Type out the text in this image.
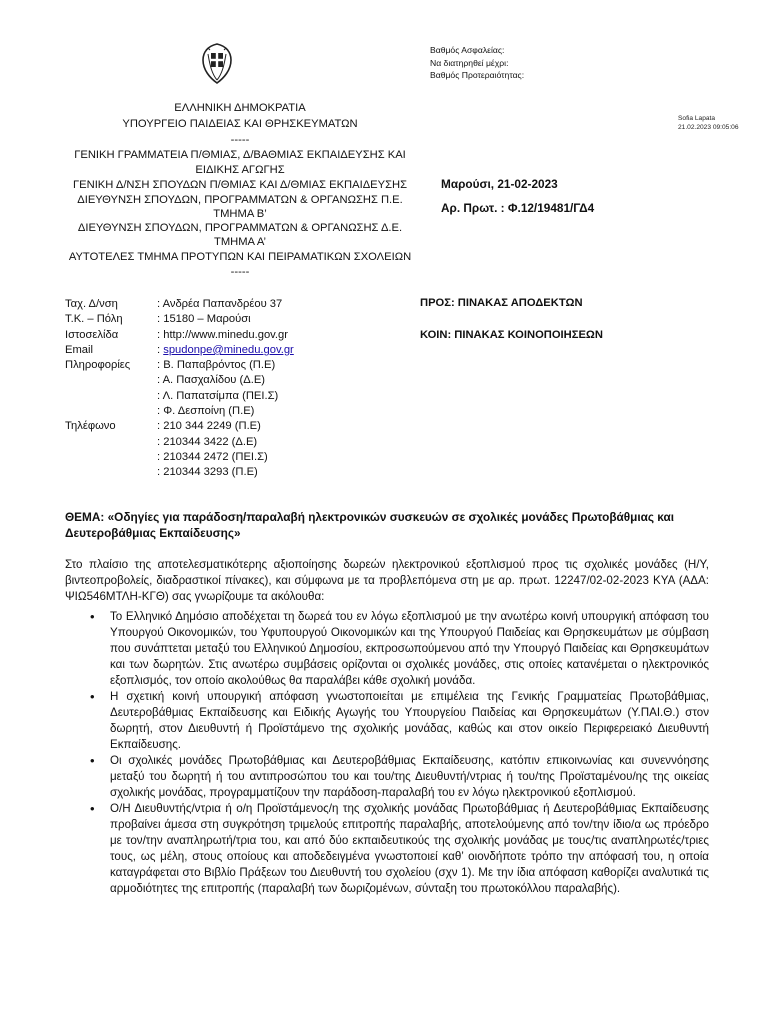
ΕΛΛΗΝΙΚΗ ΔΗΜΟΚΡΑΤΙΑ
ΥΠΟΥΡΓΕΙΟ ΠΑΙΔΕΙΑΣ ΚΑΙ ΘΡΗΣΚΕΥΜΑΤΩΝ
-----
ΓΕΝΙΚΗ ΓΡΑΜΜΑΤΕΙΑ Π/ΘΜΙΑΣ, Δ/ΒΑΘΜΙΑΣ ΕΚΠΑΙΔΕΥΣΗΣ ΚΑΙ
ΕΙΔΙΚΗΣ ΑΓΩΓΗΣ
ΓΕΝΙΚΗ Δ/ΝΣΗ ΣΠΟΥΔΩΝ Π/ΘΜΙΑΣ ΚΑΙ Δ/ΘΜΙΑΣ ΕΚΠΑΙΔΕΥΣΗΣ
ΔΙΕΥΘΥΝΣΗ ΣΠΟΥΔΩΝ, ΠΡΟΓΡΑΜΜΑΤΩΝ & ΟΡΓΑΝΩΣΗΣ Π.Ε.
ΤΜΗΜΑ Β’
ΔΙΕΥΘΥΝΣΗ ΣΠΟΥΔΩΝ, ΠΡΟΓΡΑΜΜΑΤΩΝ & ΟΡΓΑΝΩΣΗΣ Δ.Ε.
ΤΜΗΜΑ Α’
ΑΥΤΟΤΕΛΕΣ ΤΜΗΜΑ ΠΡΟΤΥΠΩΝ ΚΑΙ ΠΕΙΡΑΜΑΤΙΚΩΝ ΣΧΟΛΕΙΩΝ
-----
Βαθμός Ασφαλείας:
Να διατηρηθεί μέχρι:
Βαθμός Προτεραιότητας:
Sofia Lapata
21.02.2023 09:05:06
Μαρούσι, 21-02-2023
Αρ. Πρωτ. : Φ.12/19481/ΓΔ4
Ταχ. Δ/νση	: Ανδρέα Παπανδρέου 37
Τ.Κ. – Πόλη	: 15180 – Μαρούσι
Ιστοσελίδα	: http://www.minedu.gov.gr
Email	: spudonpe@minedu.gov.gr
Πληροφορίες	: Β. Παπαβρόντος (Π.Ε)
: Α. Πασχαλίδου (Δ.Ε)
: Λ. Παπατσίμπα (ΠΕΙ.Σ)
: Φ. Δεσποίνη (Π.Ε)
Τηλέφωνο	: 210 344 2249 (Π.Ε)
: 210344 3422 (Δ.Ε)
: 210344 2472 (ΠΕΙ.Σ)
: 210344 3293 (Π.Ε)
ΠΡΟΣ: ΠΙΝΑΚΑΣ ΑΠΟΔΕΚΤΩΝ
ΚΟΙΝ: ΠΙΝΑΚΑΣ ΚΟΙΝΟΠΟΙΗΣΕΩΝ
ΘΕΜΑ: «Οδηγίες για παράδοση/παραλαβή ηλεκτρονικών συσκευών σε σχολικές μονάδες Πρωτοβάθμιας και Δευτεροβάθμιας Εκπαίδευσης»
Στο πλαίσιο της αποτελεσματικότερης αξιοποίησης δωρεών ηλεκτρονικού εξοπλισμού προς τις σχολικές μονάδες (Η/Υ, βιντεοπροβολείς, διαδραστικοί πίνακες), και σύμφωνα με τα προβλεπόμενα στη με αρ. πρωτ. 12247/02-02-2023 ΚΥΑ (ΑΔΑ: ΨΙΩ546ΜΤΛΗ-ΚΓΘ) σας γνωρίζουμε τα ακόλουθα:
• Το Ελληνικό Δημόσιο αποδέχεται τη δωρεά του εν λόγω εξοπλισμού με την ανωτέρω κοινή υπουργική απόφαση του Υπουργού Οικονομικών, του Υφυπουργού Οικονομικών και της Υπουργού Παιδείας και Θρησκευμάτων με σύμβαση που συνάπτεται μεταξύ του Ελληνικού Δημοσίου, εκπροσωπούμενου από την Υπουργό Παιδείας και Θρησκευμάτων και των δωρητών. Στις ανωτέρω συμβάσεις ορίζονται οι σχολικές μονάδες, στις οποίες κατανέμεται ο ηλεκτρονικός εξοπλισμός, τον οποίο ακολούθως θα παραλάβει κάθε σχολική μονάδα.
• Η σχετική κοινή υπουργική απόφαση γνωστοποιείται με επιμέλεια της Γενικής Γραμματείας Πρωτοβάθμιας, Δευτεροβάθμιας Εκπαίδευσης και Ειδικής Αγωγής του Υπουργείου Παιδείας και Θρησκευμάτων (Υ.ΠΑΙ.Θ.) στον δωρητή, στον Διευθυντή ή Προϊστάμενο της σχολικής μονάδας, καθώς και στον οικείο Περιφερειακό Διευθυντή Εκπαίδευσης.
• Οι σχολικές μονάδες Πρωτοβάθμιας και Δευτεροβάθμιας Εκπαίδευσης, κατόπιν επικοινωνίας και συνεννόησης μεταξύ του δωρητή ή του αντιπροσώπου του και του/της Διευθυντή/ντριας ή του/της Προϊσταμένου/ης της οικείας σχολικής μονάδας, προγραμματίζουν την παράδοση-παραλαβή του εν λόγω ηλεκτρονικού εξοπλισμού.
• Ο/Η Διευθυντής/ντρια ή ο/η Προϊστάμενος/η της σχολικής μονάδας Πρωτοβάθμιας ή Δευτεροβάθμιας Εκπαίδευσης προβαίνει άμεσα στη συγκρότηση τριμελούς επιτροπής παραλαβής, αποτελούμενης από τον/την ίδιο/α ως πρόεδρο με τον/την αναπληρωτή/τρια του, και από δύο εκπαιδευτικούς της σχολικής μονάδας με τους/τις αναπληρωτές/τριες τους, ως μέλη, στους οποίους και αποδεδειγμένα γνωστοποιεί καθ’ οιονδήποτε τρόπο την απόφασή του, η οποία καταγράφεται στο Βιβλίο Πράξεων του Διευθυντή του σχολείου (σχν 1). Με την ίδια απόφαση καθορίζει αναλυτικά τις αρμοδιότητες της επιτροπής (παραλαβή των δωριζομένων, σύνταξη του πρωτοκόλλου παραλαβής).
